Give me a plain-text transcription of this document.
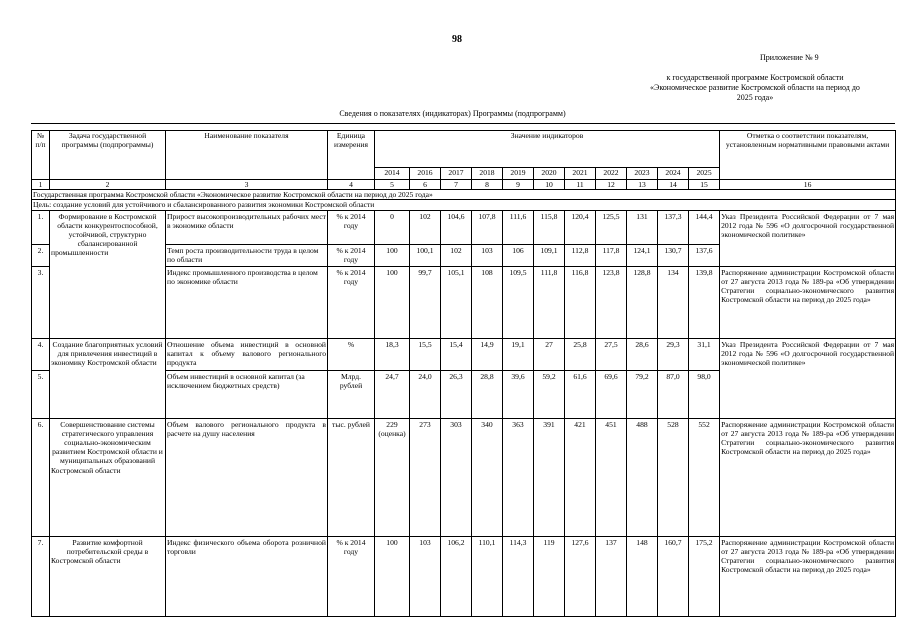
98
Приложение № 9
к государственной программе Костромской области
«Экономическое развитие Костромской области на период до
2025 года»
Сведения о показателях (индикаторах) Программы (подпрограмм)
№ п/п	Задача государственной программы (подпрограммы)	Наименование показателя	Единица измерения	Значение индикаторов											Отметка о соответствии показателям, установленным нормативными правовыми актами
				2014	2016	2017	2018	2019	2020	2021	2022	2023	2024	2025	
1	2	3	4	5	6	7	8	9	10	11	12	13	14	15	16
Государственная программа Костромской области «Экономическое развитие Костромской области на период до 2025 года»															
Цель: создание условий для устойчивого и сбалансированного развития экономики Костромской области															
1.	Формирование в Костромской области конкурентоспособной, устойчивой, структурно сбалансированной промышленности	Прирост высокопроизводительных рабочих мест в экономике области	% к 2014 году	0	102	104,6	107,8	111,6	115,8	120,4	125,5	131	137,3	144,4	Указ Президента Российской Федерации от 7 мая 2012 года № 596 «О долгосрочной государственной экономической политике»
2.		Темп роста производительности труда в целом по области	% к 2014 году	100	100,1	102	103	106	109,1	112,8	117,8	124,1	130,7	137,6	
3.		Индекс промышленного производства в целом по экономике области	% к 2014 году	100	99,7	105,1	108	109,5	111,8	116,8	123,8	128,8	134	139,8	Распоряжение администрации Костромской области от 27 августа 2013 года № 189-ра «Об утверждении Стратегии социально-экономического развития Костромской области на период до 2025 года»
4.	Создание благоприятных условий для привлечения инвестиций в экономику Костромской области	Отношение объема инвестиций в основной капитал к объему валового регионального продукта	%	18,3	15,5	15,4	14,9	19,1	27	25,8	27,5	28,6	29,3	31,1	Указ Президента Российской Федерации от 7 мая 2012 года № 596 «О долгосрочной государственной экономической политике»
5.		Объем инвестиций в основной капитал (за исключением бюджетных средств)	Млрд. рублей	24,7	24,0	26,3	28,8	39,6	59,2	61,6	69,6	79,2	87,0	98,0	
6.	Совершенствование системы стратегического управления социально-экономическим развитием Костромской области и муниципальных образований Костромской области	Объем валового регионального продукта в расчете на душу населения	тыс. рублей	229 (оценка)	273	303	340	363	391	421	451	488	528	552	Распоряжение администрации Костромской области от 27 августа 2013 года № 189-ра «Об утверждении Стратегии социально-экономического развития Костромской области на период до 2025 года»
7.	Развитие комфортной потребительской среды в Костромской области	Индекс физического объема оборота розничной торговли	% к 2014 году	100	103	106,2	110,1	114,3	119	127,6	137	148	160,7	175,2	Распоряжение администрации Костромской области от 27 августа 2013 года № 189-ра «Об утверждении Стратегии социально-экономического развития Костромской области на период до 2025 года»
